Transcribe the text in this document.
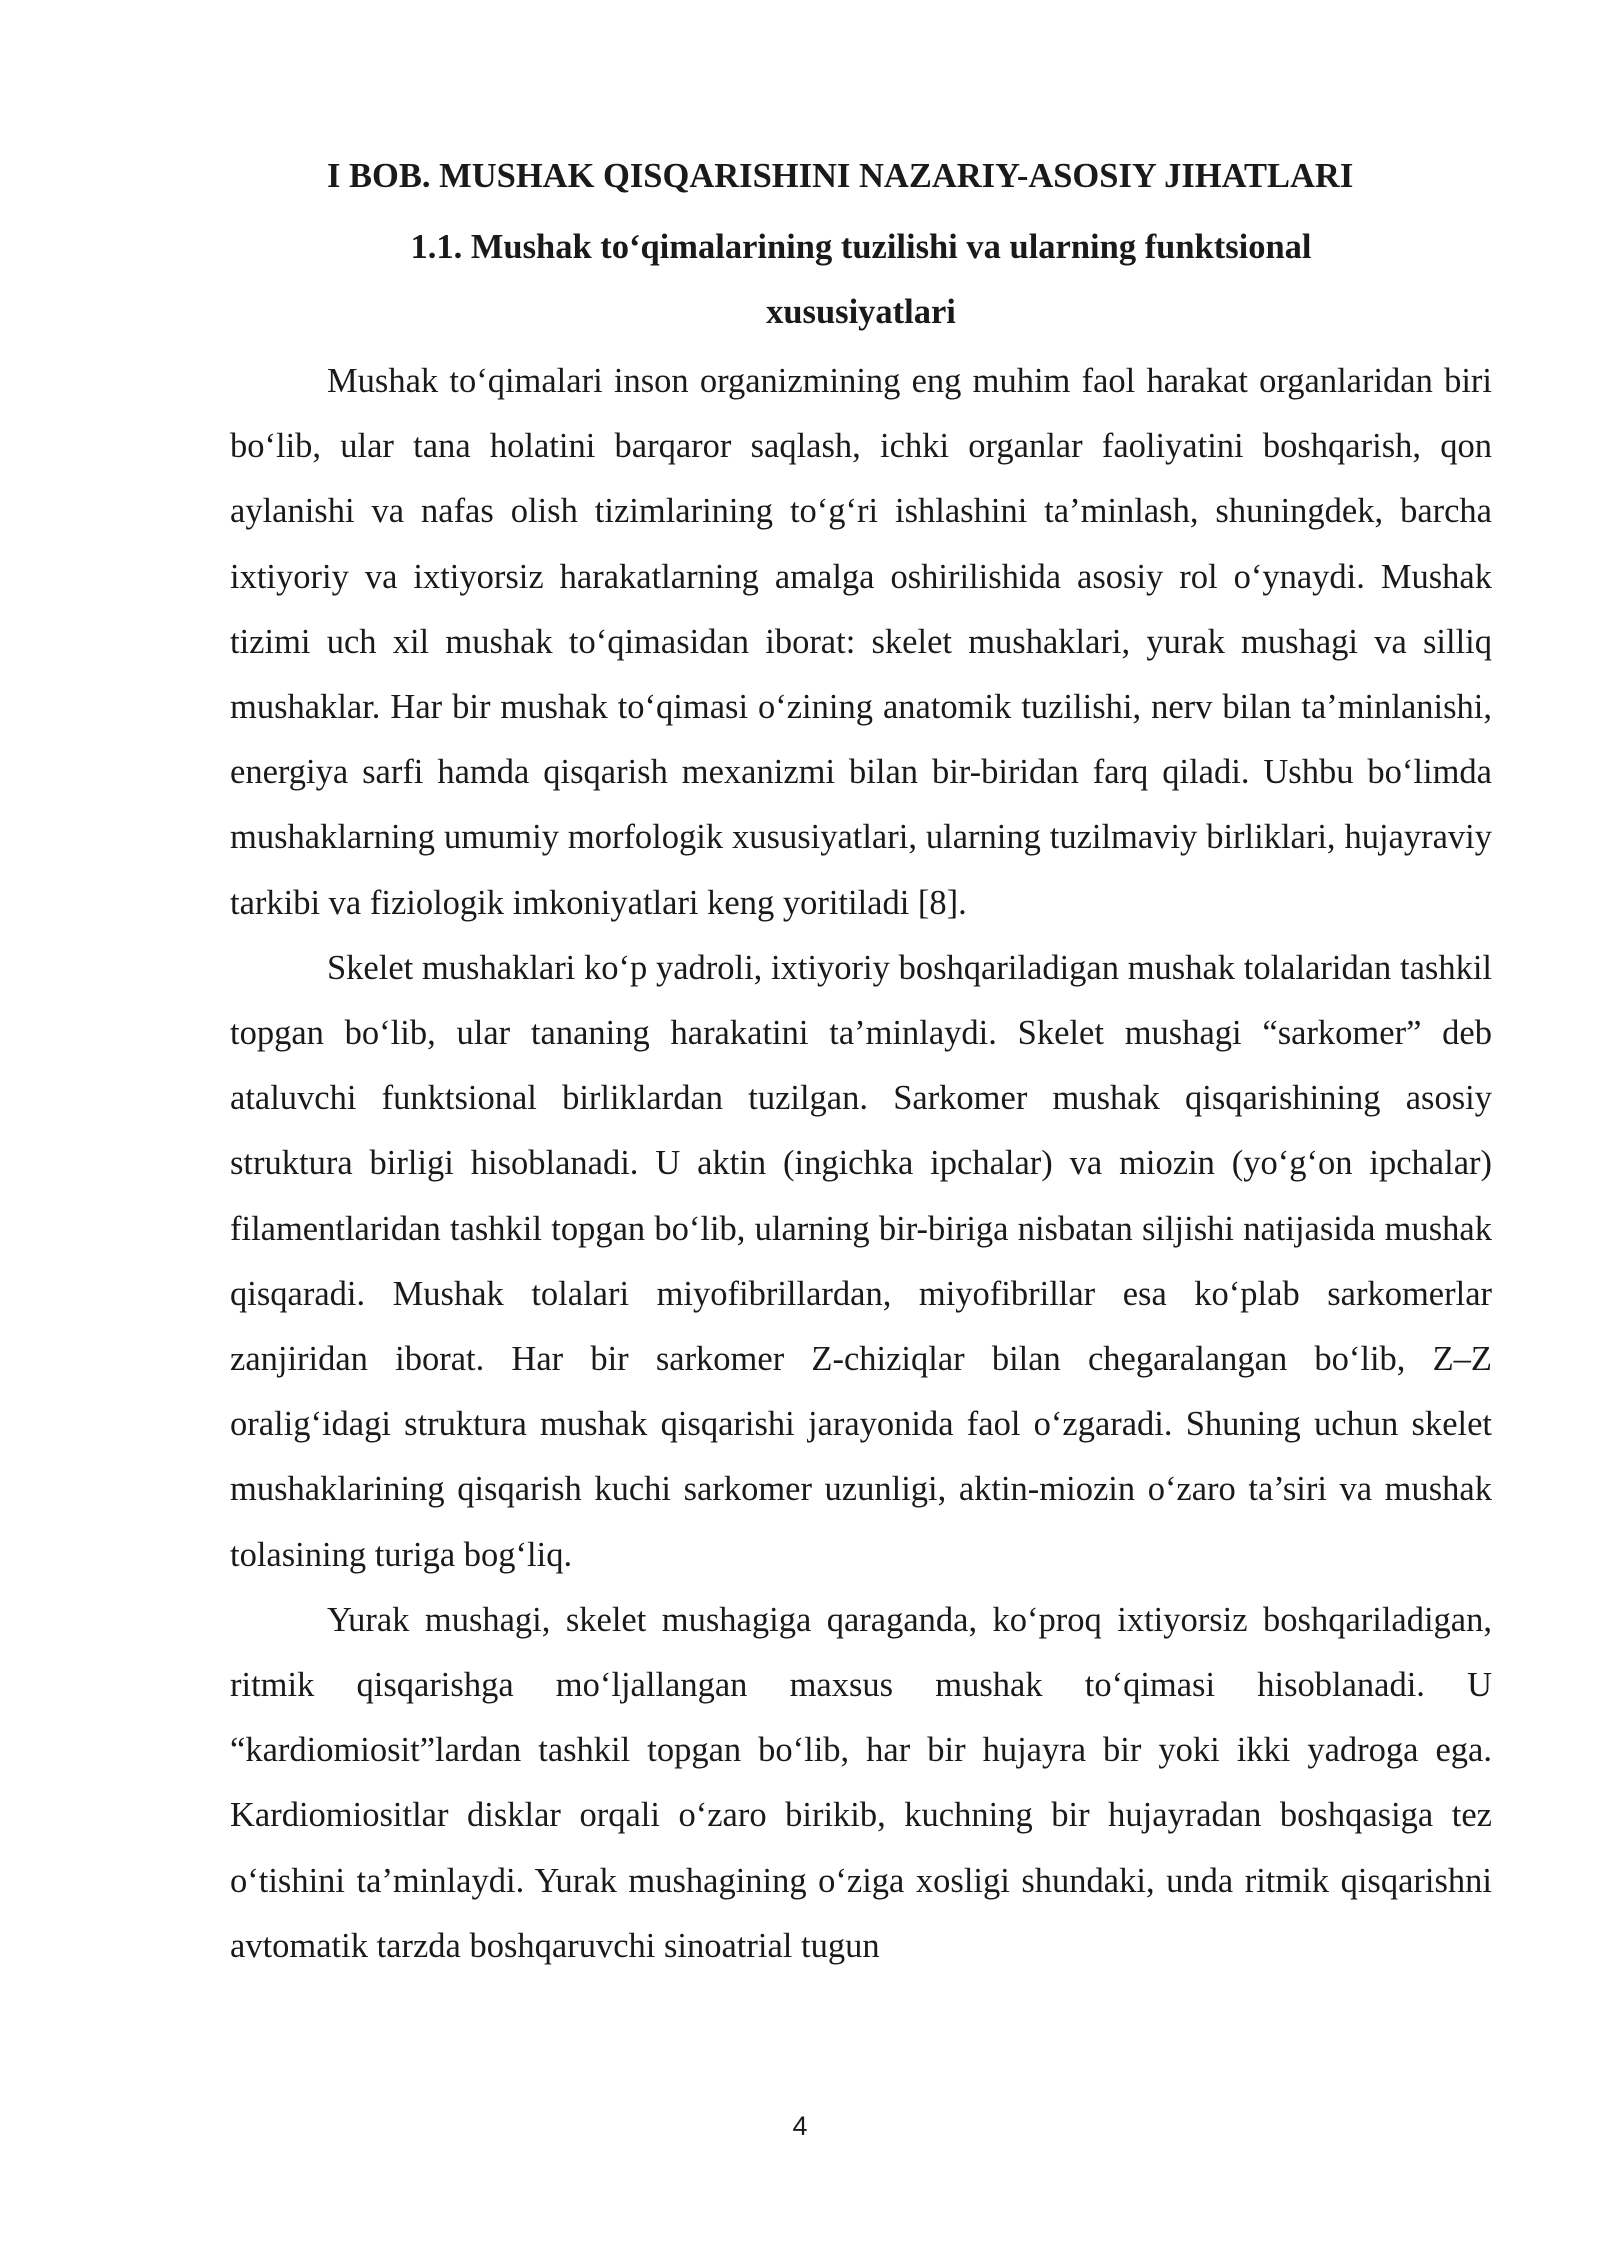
I BOB. MUSHAK QISQARISHINI NAZARIY-ASOSIY JIHATLARI
1.1. Mushak to‘qimalarining tuzilishi va ularning funktsional
xususiyatlari

Mushak to‘qimalari inson organizmining eng muhim faol harakat organlaridan biri bo‘lib, ular tana holatini barqaror saqlash, ichki organlar faoliyatini boshqarish, qon aylanishi va nafas olish tizimlarining to‘g‘ri ishlashini ta’minlash, shuningdek, barcha ixtiyoriy va ixtiyorsiz harakatlarning amalga oshirilishida asosiy rol o‘ynaydi. Mushak tizimi uch xil mushak to‘qimasidan iborat: skelet mushaklari, yurak mushagi va silliq mushaklar. Har bir mushak to‘qimasi o‘zining anatomik tuzilishi, nerv bilan ta’minlanishi, energiya sarfi hamda qisqarish mexanizmi bilan bir-biridan farq qiladi. Ushbu bo‘limda mushaklarning umumiy morfologik xususiyatlari, ularning tuzilmaviy birliklari, hujayraviy tarkibi va fiziologik imkoniyatlari keng yoritiladi [8].

Skelet mushaklari ko‘p yadroli, ixtiyoriy boshqariladigan mushak tolalaridan tashkil topgan bo‘lib, ular tananing harakatini ta’minlaydi. Skelet mushagi “sarkomer” deb ataluvchi funktsional birliklardan tuzilgan. Sarkomer mushak qisqarishining asosiy struktura birligi hisoblanadi. U aktin (ingichka ipchalar) va miozin (yo‘g‘on ipchalar) filamentlaridan tashkil topgan bo‘lib, ularning bir-biriga nisbatan siljishi natijasida mushak qisqaradi. Mushak tolalari miyofibrillardan, miyofibrillar esa ko‘plab sarkomerlar zanjiridan iborat. Har bir sarkomer Z-chiziqlar bilan chegaralangan bo‘lib, Z–Z oralig‘idagi struktura mushak qisqarishi jarayonida faol o‘zgaradi. Shuning uchun skelet mushaklarining qisqarish kuchi sarkomer uzunligi, aktin-miozin o‘zaro ta’siri va mushak tolasining turiga bog‘liq.

Yurak mushagi, skelet mushagiga qaraganda, ko‘proq ixtiyorsiz boshqariladigan, ritmik qisqarishga mo‘ljallangan maxsus mushak to‘qimasi hisoblanadi. U “kardiomiosit”lardan tashkil topgan bo‘lib, har bir hujayra bir yoki ikki yadroga ega. Kardiomiositlar disklar orqali o‘zaro birikib, kuchning bir hujayradan boshqasiga tez o‘tishini ta’minlaydi. Yurak mushagining o‘ziga xosligi shundaki, unda ritmik qisqarishni avtomatik tarzda boshqaruvchi sinoatrial tugun

4
